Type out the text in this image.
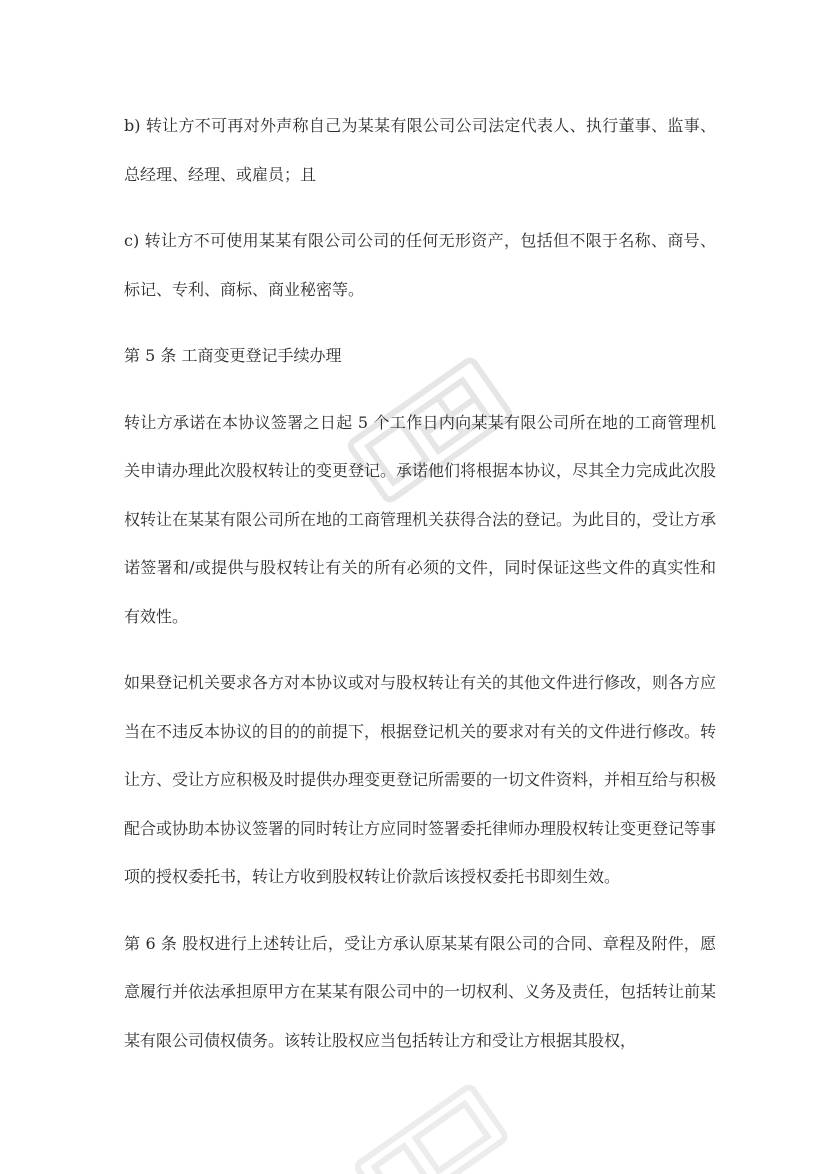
b) 转让方不可再对外声称自己为某某有限公司公司法定代表人、执行董事、监事、总经理、经理、或雇员；且

c) 转让方不可使用某某有限公司公司的任何无形资产，包括但不限于名称、商号、标记、专利、商标、商业秘密等。

第 5 条 工商变更登记手续办理

转让方承诺在本协议签署之日起 5 个工作日内向某某有限公司所在地的工商管理机关申请办理此次股权转让的变更登记。承诺他们将根据本协议，尽其全力完成此次股权转让在某某有限公司所在地的工商管理机关获得合法的登记。为此目的，受让方承诺签署和/或提供与股权转让有关的所有必须的文件，同时保证这些文件的真实性和有效性。

如果登记机关要求各方对本协议或对与股权转让有关的其他文件进行修改，则各方应当在不违反本协议的目的的前提下，根据登记机关的要求对有关的文件进行修改。转让方、受让方应积极及时提供办理变更登记所需要的一切文件资料，并相互给与积极配合或协助本协议签署的同时转让方应同时签署委托律师办理股权转让变更登记等事项的授权委托书，转让方收到股权转让价款后该授权委托书即刻生效。

第 6 条 股权进行上述转让后，受让方承认原某某有限公司的合同、章程及附件，愿意履行并依法承担原甲方在某某有限公司中的一切权利、义务及责任，包括转让前某某有限公司债权债务。该转让股权应当包括转让方和受让方根据其股权，
